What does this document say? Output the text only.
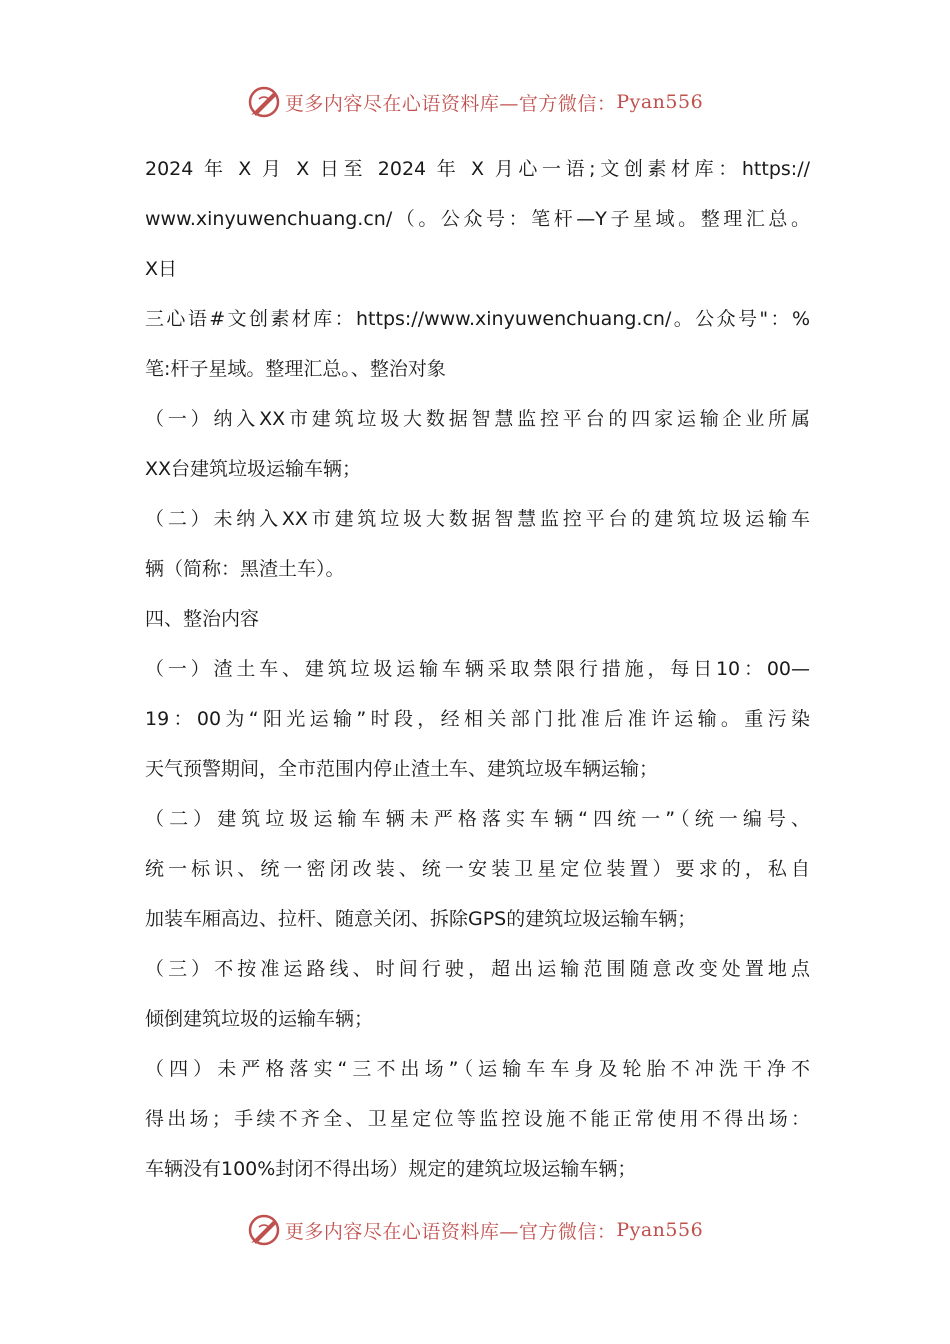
更多内容尽在心语资料库—官方微信： Pyan556
2024 年 X 月 X 日至 2024 年 X 月心一语;文创素材库：https://
www.xinyuwenchuang.cn/（。公众号：笔杆—Y子星域。整理汇总。
X日
三心语#文创素材库：https://www.xinyuwenchuang.cn/。公众号"：%
笔:杆子星域。整理汇总。、整治对象
（一）纳入XX市建筑垃圾大数据智慧监控平台的四家运输企业所属
XX台建筑垃圾运输车辆；
（二）未纳入XX市建筑垃圾大数据智慧监控平台的建筑垃圾运输车
辆（简称：黑渣土车）。
四、整治内容
（一）渣土车、建筑垃圾运输车辆采取禁限行措施，每日10：00—
19：00为“阳光运输”时段，经相关部门批准后准许运输。重污染
天气预警期间，全市范围内停止渣土车、建筑垃圾车辆运输；
（二）建筑垃圾运输车辆未严格落实车辆“四统一”（统一编号、
统一标识、统一密闭改装、统一安装卫星定位装置）要求的，私自
加装车厢高边、拉杆、随意关闭、拆除GPS的建筑垃圾运输车辆；
（三）不按准运路线、时间行驶，超出运输范围随意改变处置地点
倾倒建筑垃圾的运输车辆；
（四）未严格落实“三不出场”（运输车车身及轮胎不冲洗干净不
得出场；手续不齐全、卫星定位等监控设施不能正常使用不得出场：
车辆没有100%封闭不得出场）规定的建筑垃圾运输车辆；
更多内容尽在心语资料库—官方微信： Pyan556
